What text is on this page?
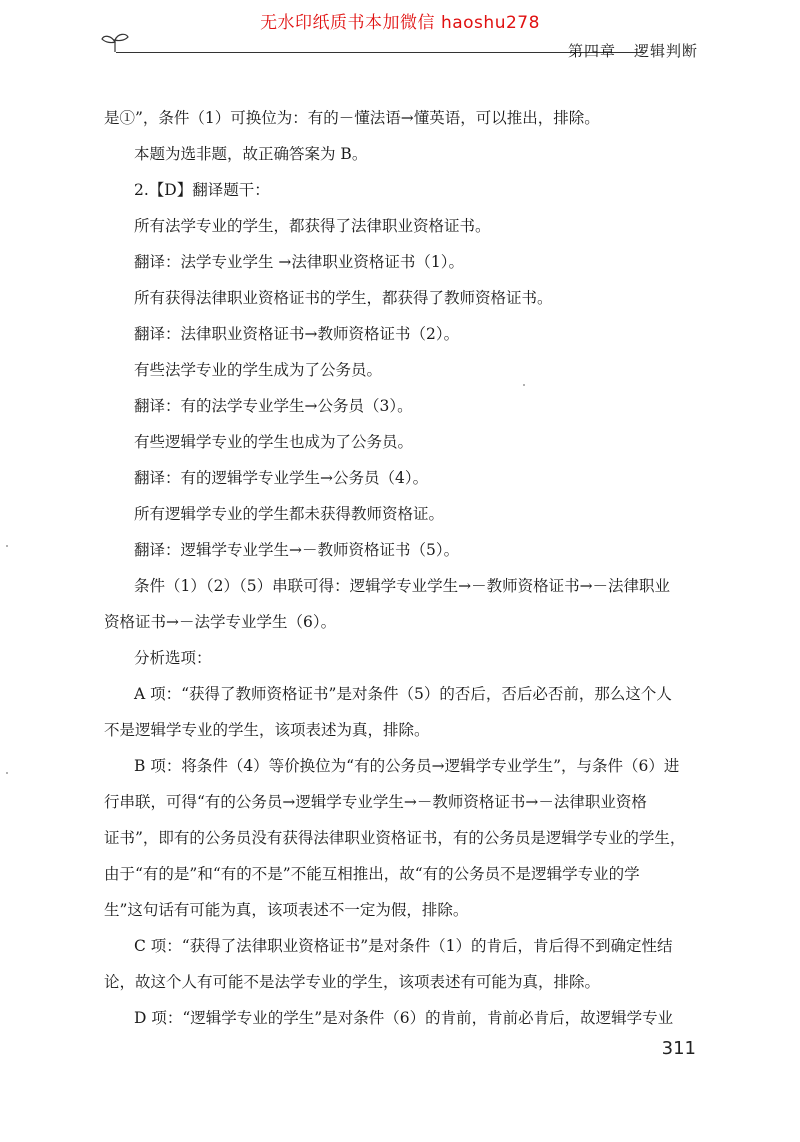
无水印纸质书本加微信 haoshu278
第四章 逻辑判断
是①”，条件（1）可换位为：有的－懂法语→懂英语，可以推出，排除。
本题为选非题，故正确答案为 B。
2.【D】翻译题干：
所有法学专业的学生，都获得了法律职业资格证书。
翻译：法学专业学生 →法律职业资格证书（1）。
所有获得法律职业资格证书的学生，都获得了教师资格证书。
翻译：法律职业资格证书→教师资格证书（2）。
有些法学专业的学生成为了公务员。
翻译：有的法学专业学生→公务员（3）。
有些逻辑学专业的学生也成为了公务员。
翻译：有的逻辑学专业学生→公务员（4）。
所有逻辑学专业的学生都未获得教师资格证。
翻译：逻辑学专业学生→－教师资格证书（5）。
条件（1）（2）（5）串联可得：逻辑学专业学生→－教师资格证书→－法律职业
资格证书→－法学专业学生（6）。
分析选项：
A 项：“获得了教师资格证书”是对条件（5）的否后，否后必否前，那么这个人
不是逻辑学专业的学生，该项表述为真，排除。
B 项：将条件（4）等价换位为“有的公务员→逻辑学专业学生”，与条件（6）进
行串联，可得“有的公务员→逻辑学专业学生→－教师资格证书→－法律职业资格
证书”，即有的公务员没有获得法律职业资格证书，有的公务员是逻辑学专业的学生，
由于“有的是”和“有的不是”不能互相推出，故“有的公务员不是逻辑学专业的学
生”这句话有可能为真，该项表述不一定为假，排除。
C 项：“获得了法律职业资格证书”是对条件（1）的肯后，肯后得不到确定性结
论，故这个人有可能不是法学专业的学生，该项表述有可能为真，排除。
D 项：“逻辑学专业的学生”是对条件（6）的肯前，肯前必肯后，故逻辑学专业
311
